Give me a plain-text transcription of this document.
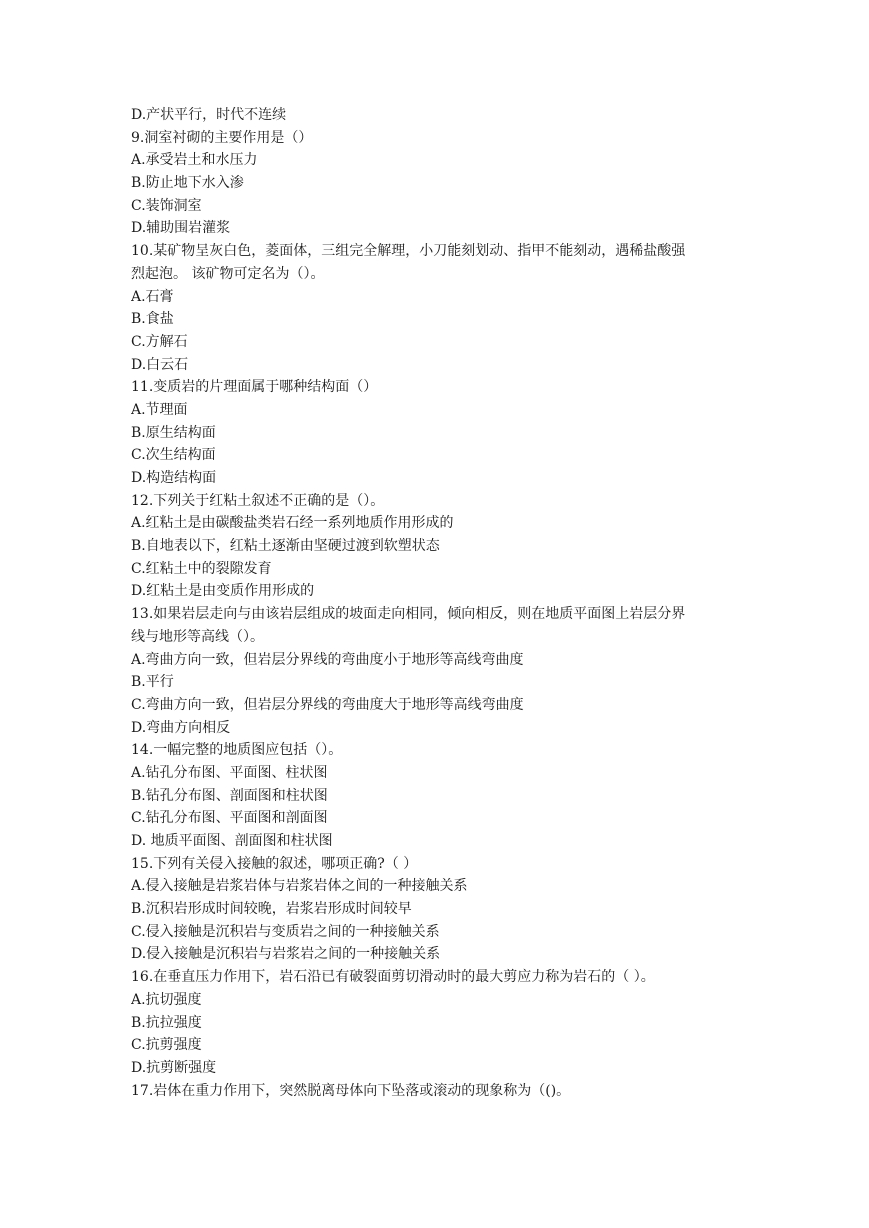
D.产状平行，时代不连续
9.洞室衬砌的主要作用是（）
A.承受岩土和水压力
B.防止地下水入渗
C.装饰洞室
D.辅助围岩灌浆
10.某矿物呈灰白色，菱面体，三组完全解理，小刀能刻划动、指甲不能刻动，遇稀盐酸强
烈起泡。 该矿物可定名为（）。
A.石膏
B.食盐
C.方解石
D.白云石
11.变质岩的片理面属于哪种结构面（）
A.节理面
B.原生结构面
C.次生结构面
D.构造结构面
12.下列关于红粘土叙述不正确的是（）。
A.红粘土是由碳酸盐类岩石经一系列地质作用形成的
B.自地表以下，红粘土逐渐由坚硬过渡到软塑状态
C.红粘土中的裂隙发育
D.红粘土是由变质作用形成的
13.如果岩层走向与由该岩层组成的坡面走向相同，倾向相反，则在地质平面图上岩层分界
线与地形等高线（）。
A.弯曲方向一致，但岩层分界线的弯曲度小于地形等高线弯曲度
B.平行
C.弯曲方向一致，但岩层分界线的弯曲度大于地形等高线弯曲度
D.弯曲方向相反
14.一幅完整的地质图应包括（）。
A.钻孔分布图、平面图、柱状图
B.钻孔分布图、剖面图和柱状图
C.钻孔分布图、平面图和剖面图
D. 地质平面图、剖面图和柱状图
15.下列有关侵入接触的叙述，哪项正确?（ ）
A.侵入接触是岩浆岩体与岩浆岩体之间的一种接触关系
B.沉积岩形成时间较晚，岩浆岩形成时间较早
C.侵入接触是沉积岩与变质岩之间的一种接触关系
D.侵入接触是沉积岩与岩浆岩之间的一种接触关系
16.在垂直压力作用下，岩石沿已有破裂面剪切滑动时的最大剪应力称为岩石的（ ）。
A.抗切强度
B.抗拉强度
C.抗剪强度
D.抗剪断强度
17.岩体在重力作用下，突然脱离母体向下坠落或滚动的现象称为（()。
